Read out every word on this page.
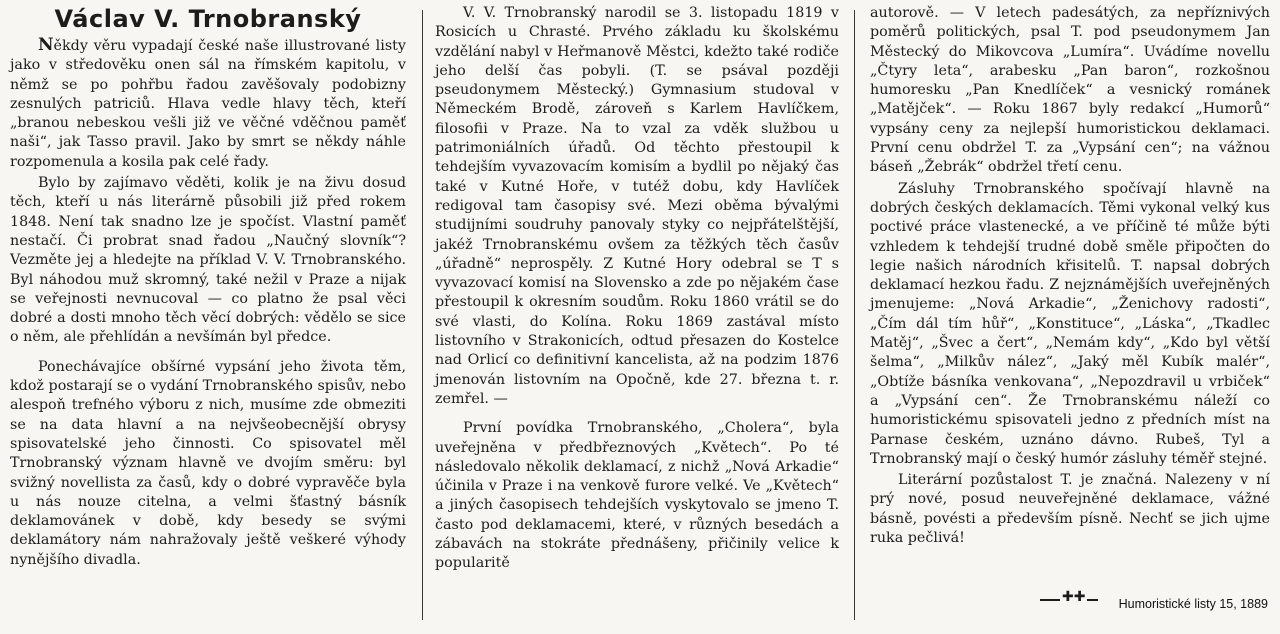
Václav V. Trnobranský

Někdy věru vypadají české naše illustrované listy jako v středověku onen sál na římském kapitolu, v němž se po pohřbu řadou zavěšovaly podobizny zesnulých patriciů. Hlava vedle hlavy těch, kteří „branou nebeskou vešli již ve věčné vděčnou paměť naši“, jak Tasso pravil. Jako by smrt se někdy náhle rozpomenula a kosila pak celé řady.

Bylo by zajímavo věděti, kolik je na živu dosud těch, kteří u nás literárně působili již před rokem 1848. Není tak snadno lze je spočíst. Vlastní paměť nestačí. Či probrat snad řadou „Naučný slovník“? Vezměte jej a hledejte na příklad V. V. Trnobranského. Byl náhodou muž skromný, také nežil v Praze a nijak se veřejnosti nevnucoval — co platno že psal věci dobré a dosti mnoho těch věcí dobrých: vědělo se sice o něm, ale přehlídán a nevšímán byl předce.

Ponechávajíce obšírné vypsání jeho života těm, kdož postarají se o vydání Trnobranského spisův, nebo alespoň trefného výboru z nich, musíme zde obmeziti se na data hlavní a na nejvšeobecnější obrysy spisovatelské jeho činnosti. Co spisovatel měl Trnobranský význam hlavně ve dvojím směru: byl svižný novellista za časů, kdy o dobré vypravěče byla u nás nouze citelna, a velmi šťastný básník deklamovánek v době, kdy besedy se svými deklamátory nám nahražovaly ještě veškeré výhody nynějšího divadla.

V. V. Trnobranský narodil se 3. listopadu 1819 v Rosicích u Chrasté. Prvého základu ku školskému vzdělání nabyl v Heřmanově Městci, kdežto také rodiče jeho delší čas pobyli. (T. se psával později pseudonymem Městecký.) Gymnasium studoval v Německém Brodě, zároveň s Karlem Havlíčkem, filosofii v Praze. Na to vzal za vděk službou u patrimoniálních úřadů. Od těchto přestoupil k tehdejším vyvazovacím komisím a bydlil po nějaký čas také v Kutné Hoře, v tutéž dobu, kdy Havlíček redigoval tam časopisy své. Mezi oběma bývalými studijními soudruhy panovaly styky co nejpřátelštější, jakéž Trnobranskému ovšem za těžkých těch časův „úřadně“ neprospěly. Z Kutné Hory odebral se T s vyvazovací komisí na Slovensko a zde po nějakém čase přestoupil k okresním soudům. Roku 1860 vrátil se do své vlasti, do Kolína. Roku 1869 zastával místo listovního v Strakonicích, odtud přesazen do Kostelce nad Orlicí co definitivní kancelista, až na podzim 1876 jmenován listovním na Opočně, kde 27. března t. r. zemřel. —

První povídka Trnobranského, „Cholera“, byla uveřejněna v předbřeznových „Květech“. Po té následovalo několik deklamací, z nichž „Nová Arkadie“ účinila v Praze i na venkově furore velké. Ve „Květech“ a jiných časopisech tehdejších vyskytovalo se jmeno T. často pod deklamacemi, které, v různých besedách a zábavách na stokráte přednášeny, přičinily velice k popularitě

autorově. — V letech padesátých, za nepříznivých poměrů politických, psal T. pod pseudonymem Jan Městecký do Mikovcova „Lumíra“. Uvádíme novellu „Čtyry leta“, arabesku „Pan baron“, rozkošnou humoresku „Pan Knedlíček“ a vesnický románek „Matějček“. — Roku 1867 byly redakcí „Humorů“ vypsány ceny za nejlepší humoristickou deklamaci. První cenu obdržel T. za „Vypsání cen“; na vážnou báseň „Žebrák“ obdržel třetí cenu.

Zásluhy Trnobranského spočívají hlavně na dobrých českých deklamacích. Těmi vykonal velký kus poctivé práce vlastenecké, a ve příčině té může býti vzhledem k tehdejší trudné době směle připočten do legie našich národních křisitelů. T. napsal dobrých deklamací hezkou řadu. Z nejznámějších uveřejněných jmenujeme: „Nová Arkadie“, „Ženichovy radosti“, „Čím dál tím hůř“, „Konstituce“, „Láska“, „Tkadlec Matěj“, „Švec a čert“, „Nemám kdy“, „Kdo byl větší šelma“, „Milkův nález“, „Jaký měl Kubík malér“, „Obtíže básníka venkovana“, „Nepozdravil u vrbiček“ a „Vypsání cen“. Že Trnobranskému náleží co humoristickému spisovateli jedno z předních míst na Parnase českém, uznáno dávno. Rubeš, Tyl a Trnobranský mají o český humór zásluhy téměř stejné.

Literární pozůstalost T. je značná. Nalezeny v ní prý nové, posud neuveřejněné deklamace, vážné básně, povésti a především písně. Nechť se jich ujme ruka pečlivá!

✚✚	Humoristické listy 15, 1889
